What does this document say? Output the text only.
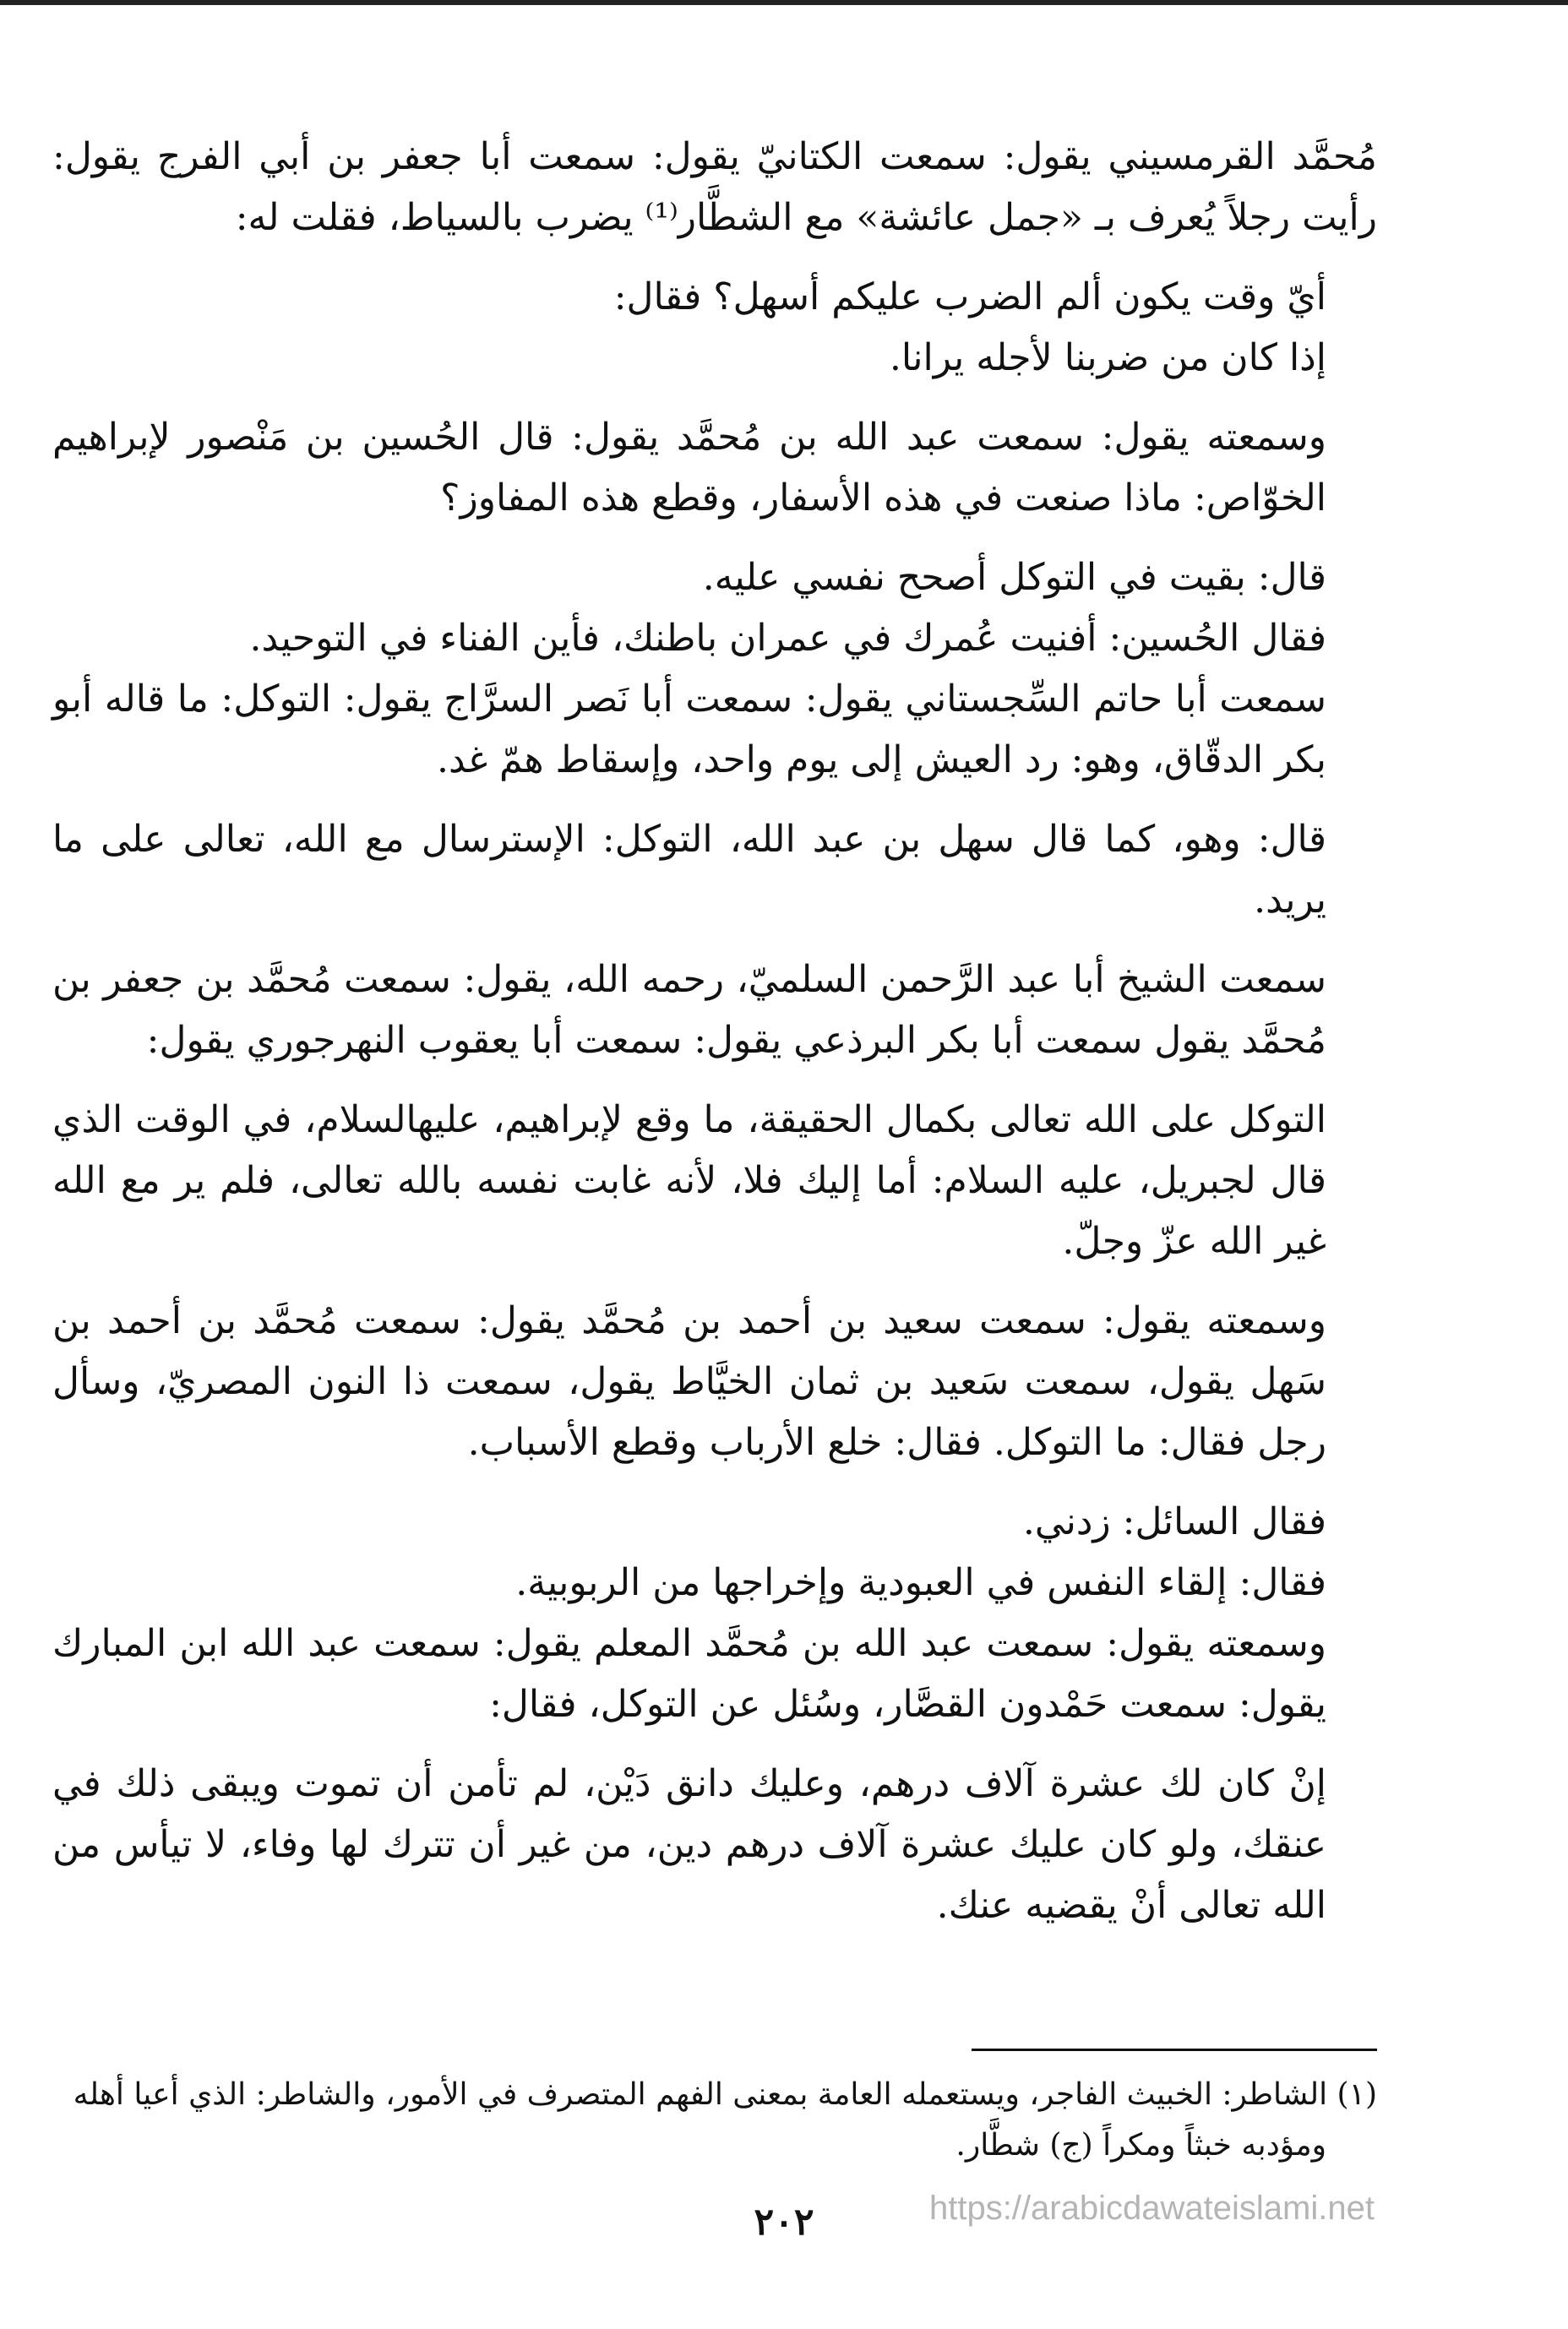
مُحمَّد القرمسيني يقول: سمعت الكتانيّ يقول: سمعت أبا جعفر بن أبي الفرج يقول: رأيت رجلاً يُعرف بـ «جمل عائشة» مع الشطَّار⁽¹⁾ يضرب بالسياط، فقلت له:

أيّ وقت يكون ألم الضرب عليكم أسهل؟ فقال:

إذا كان من ضربنا لأجله يرانا.

وسمعته يقول: سمعت عبد الله بن مُحمَّد يقول: قال الحُسين بن مَنْصور لإبراهيم الخوّاص: ماذا صنعت في هذه الأسفار، وقطع هذه المفاوز؟

قال: بقيت في التوكل أصحح نفسي عليه.

فقال الحُسين: أفنيت عُمرك في عمران باطنك، فأين الفناء في التوحيد.

سمعت أبا حاتم السِّجستاني يقول: سمعت أبا نَصر السرَّاج يقول: التوكل: ما قاله أبو بكر الدقّاق، وهو: رد العيش إلى يوم واحد، وإسقاط همّ غد.

قال: وهو، كما قال سهل بن عبد الله، التوكل: الإسترسال مع الله، تعالى على ما يريد.

سمعت الشيخ أبا عبد الرَّحمن السلميّ، رحمه الله، يقول: سمعت مُحمَّد بن جعفر بن مُحمَّد يقول سمعت أبا بكر البرذعي يقول: سمعت أبا يعقوب النهرجوري يقول:

التوكل على الله تعالى بكمال الحقيقة، ما وقع لإبراهيم، عليهالسلام، في الوقت الذي قال لجبريل، عليه السلام: أما إليك فلا، لأنه غابت نفسه بالله تعالى، فلم ير مع الله غير الله عزّ وجلّ.

وسمعته يقول: سمعت سعيد بن أحمد بن مُحمَّد يقول: سمعت مُحمَّد بن أحمد بن سَهل يقول، سمعت سَعيد بن ثمان الخيَّاط يقول، سمعت ذا النون المصريّ، وسأل رجل فقال: ما التوكل. فقال: خلع الأرباب وقطع الأسباب.

فقال السائل: زدني.

فقال: إلقاء النفس في العبودية وإخراجها من الربوبية.

وسمعته يقول: سمعت عبد الله بن مُحمَّد المعلم يقول: سمعت عبد الله ابن المبارك يقول: سمعت حَمْدون القصَّار، وسُئل عن التوكل، فقال:

إنْ كان لك عشرة آلاف درهم، وعليك دانق دَيْن، لم تأمن أن تموت ويبقى ذلك في عنقك، ولو كان عليك عشرة آلاف درهم دين، من غير أن تترك لها وفاء، لا تيأس من الله تعالى أنْ يقضيه عنك.

(١) الشاطر: الخبيث الفاجر، ويستعمله العامة بمعنى الفهم المتصرف في الأمور، والشاطر: الذي أعيا أهله

ومؤدبه خبثاً ومكراً (ج) شطَّار.

https://arabicdawateislami.net
٢٠٢
